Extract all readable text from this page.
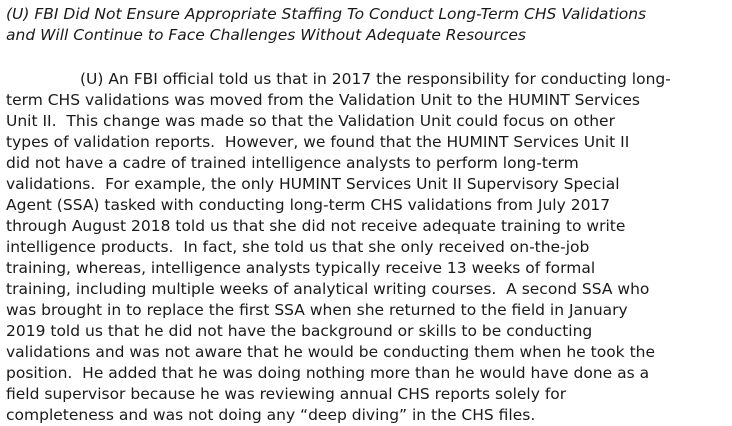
(U) FBI Did Not Ensure Appropriate Staffing To Conduct Long-Term CHS Validations
and Will Continue to Face Challenges Without Adequate Resources
(U) An FBI official told us that in 2017 the responsibility for conducting long-
term CHS validations was moved from the Validation Unit to the HUMINT Services
Unit II.  This change was made so that the Validation Unit could focus on other
types of validation reports.  However, we found that the HUMINT Services Unit II
did not have a cadre of trained intelligence analysts to perform long-term
validations.  For example, the only HUMINT Services Unit II Supervisory Special
Agent (SSA) tasked with conducting long-term CHS validations from July 2017
through August 2018 told us that she did not receive adequate training to write
intelligence products.  In fact, she told us that she only received on-the-job
training, whereas, intelligence analysts typically receive 13 weeks of formal
training, including multiple weeks of analytical writing courses.  A second SSA who
was brought in to replace the first SSA when she returned to the field in January
2019 told us that he did not have the background or skills to be conducting
validations and was not aware that he would be conducting them when he took the
position.  He added that he was doing nothing more than he would have done as a
field supervisor because he was reviewing annual CHS reports solely for
completeness and was not doing any “deep diving” in the CHS files.
